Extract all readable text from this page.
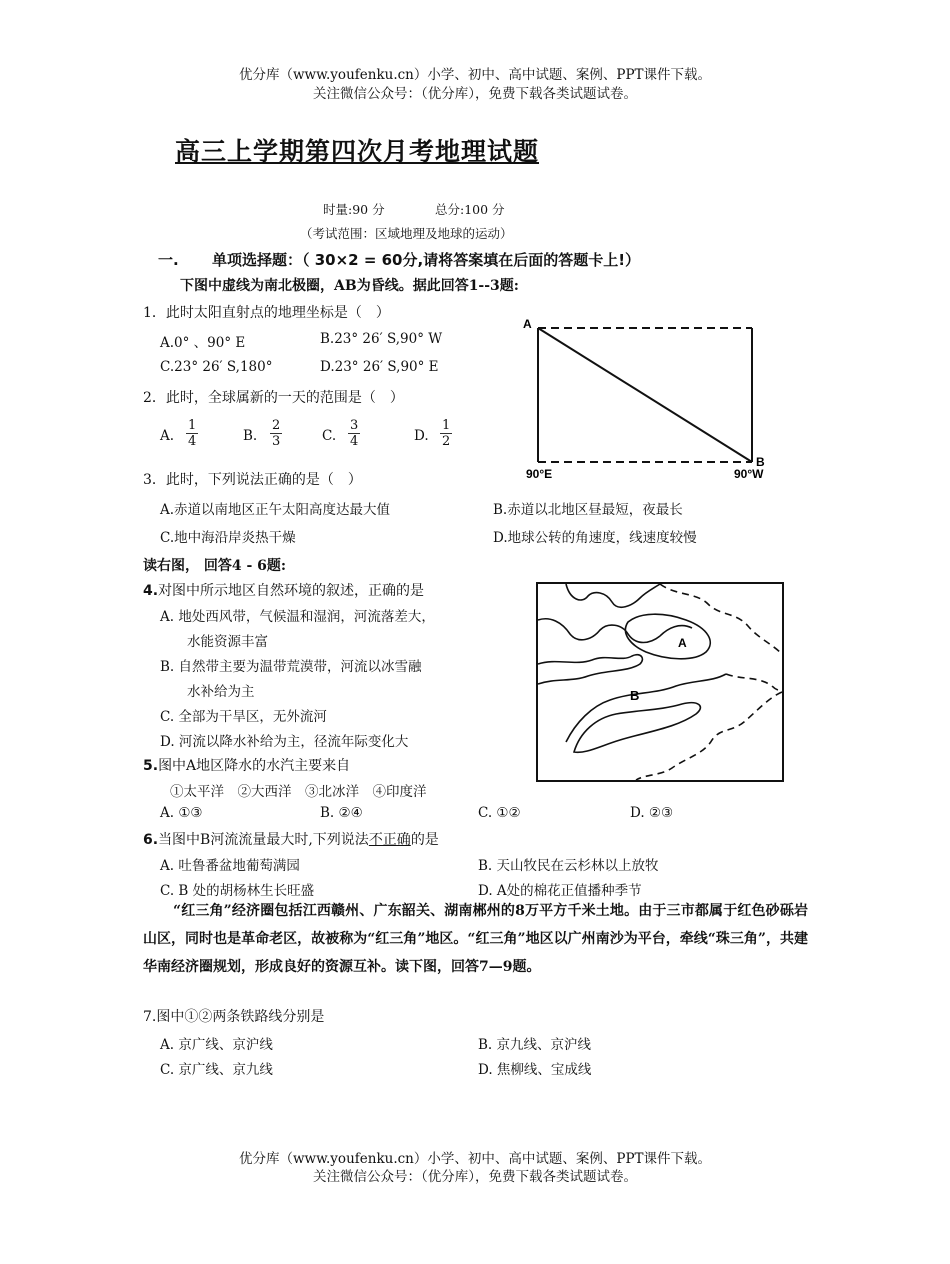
优分库（www.youfenku.cn）小学、初中、高中试题、案例、PPT课件下载。
关注微信公众号：（优分库），免费下载各类试题试卷。
高三上学期第四次月考地理试题
时量:90 分	总分:100 分
（考试范围：区域地理及地球的运动）
一. 单项选择题：（ 30×2 = 60分,请将答案填在后面的答题卡上!）
下图中虚线为南北极圈，AB为昏线。据此回答1--3题:
1．此时太阳直射点的地理坐标是（　）
A.0° 、90° E	B.23° 26′ S,90° W
C.23° 26′ S,180°	D.23° 26′ S,90° E
2．此时，全球属新的一天的范围是（　）
A. $\frac{1}{4}$	B. $\frac{2}{3}$	C. $\frac{3}{4}$	D. $\frac{1}{2}$
3．此时，下列说法正确的是（　）
A.赤道以南地区正午太阳高度达最大值	B.赤道以北地区昼最短，夜最长
C.地中海沿岸炎热干燥	D.地球公转的角速度，线速度较慢
A
B
90°E	90°W
读右图， 回答4 - 6题:
4.对图中所示地区自然环境的叙述，正确的是
A. 地处西风带，气候温和湿润，河流落差大，
水能资源丰富
B. 自然带主要为温带荒漠带，河流以冰雪融
水补给为主
C. 全部为干旱区，无外流河
D. 河流以降水补给为主，径流年际变化大
5.图中A地区降水的水汽主要来自
①太平洋　②大西洋　③北冰洋　④印度洋
A. ①③	B. ②④	C. ①②	D. ②③
6.当图中B河流流量最大时,下列说法不正确的是
A. 吐鲁番盆地葡萄满园	B. 天山牧民在云杉林以上放牧
C. B 处的胡杨林生长旺盛	D. A处的棉花正值播种季节
A
B
“红三角”经济圈包括江西赣州、广东韶关、湖南郴州的8万平方千米土地。由于三市都属于红色砂砾岩山区，同时也是革命老区，故被称为“红三角”地区。“红三角”地区以广州南沙为平台，牵线“珠三角”，共建华南经济圈规划，形成良好的资源互补。读下图，回答7—9题。
7.图中①②两条铁路线分别是
A. 京广线、京沪线	B. 京九线、京沪线
C. 京广线、京九线	D. 焦柳线、宝成线
优分库（www.youfenku.cn）小学、初中、高中试题、案例、PPT课件下载。
关注微信公众号：（优分库），免费下载各类试题试卷。
